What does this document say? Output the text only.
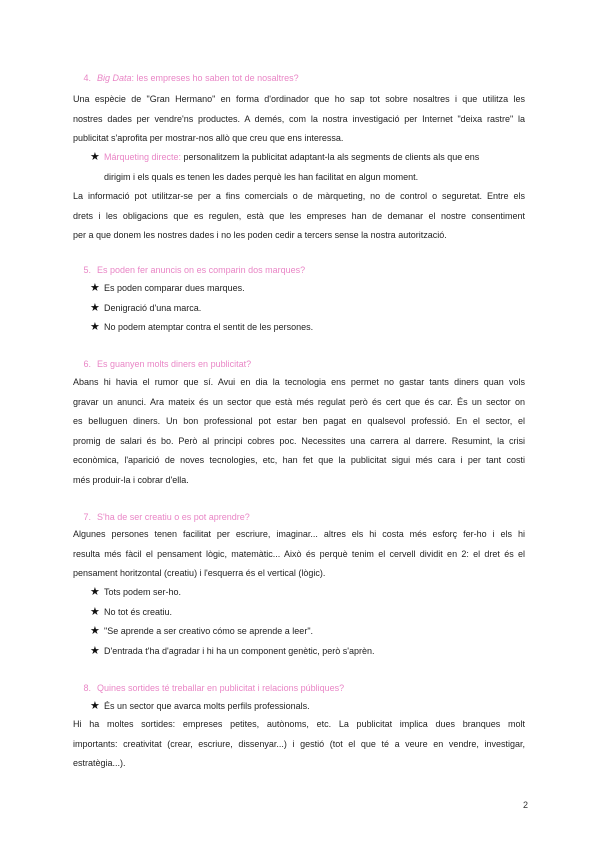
4. Big Data: les empreses ho saben tot de nosaltres?
Una espècie de "Gran Hermano" en forma d'ordinador que ho sap tot sobre nosaltres i que utilitza les
nostres dades per vendre'ns productes. A demés, com la nostra investigació per Internet "deixa rastre" la
publicitat s'aprofita per mostrar-nos allò que creu que ens interessa.
★ Márqueting directe: personalitzem la publicitat adaptant-la als segments de clients als que ens
dirigim i els quals es tenen les dades perquè les han facilitat en algun moment.
La informació pot utilitzar-se per a fins comercials o de màrqueting, no de control o seguretat. Entre els
drets i les obligacions que es regulen, està que les empreses han de demanar el nostre consentiment
per a que donem les nostres dades i no les poden cedir a tercers sense la nostra autorització.
5. Es poden fer anuncis on es comparin dos marques?
★ Es poden comparar dues marques.
★ Denigració d'una marca.
★ No podem atemptar contra el sentit de les persones.
6. Es guanyen molts diners en publicitat?
Abans hi havia el rumor que sí. Avui en dia la tecnologia ens permet no gastar tants diners quan vols
gravar un anunci. Ara mateix és un sector que està més regulat però és cert que és car. És un sector on
es belluguen diners. Un bon professional pot estar ben pagat en qualsevol professió. En el sector, el
promig de salari és bo. Però al principi cobres poc. Necessites una carrera al darrere. Resumint, la crisi
econòmica, l'aparició de noves tecnologies, etc, han fet que la publicitat sigui més cara i per tant costi
més produir-la i cobrar d'ella.
7. S'ha de ser creatiu o es pot aprendre?
Algunes persones tenen facilitat per escriure, imaginar... altres els hi costa més esforç fer-ho i els hi
resulta més fàcil el pensament lògic, matemàtic... Això és perquè tenim el cervell dividit en 2: el dret és el
pensament horitzontal (creatiu) i l'esquerra és el vertical (lògic).
★ Tots podem ser-ho.
★ No tot és creatiu.
★ "Se aprende a ser creativo cómo se aprende a leer".
★ D'entrada t'ha d'agradar i hi ha un component genètic, però s'aprèn.
8. Quines sortides té treballar en publicitat i relacions públiques?
★ És un sector que avarca molts perfils professionals.
Hi ha moltes sortides: empreses petites, autònoms, etc. La publicitat implica dues branques molt
importants: creativitat (crear, escriure, dissenyar...) i gestió (tot el que té a veure en vendre, investigar,
estratègia...).
2
